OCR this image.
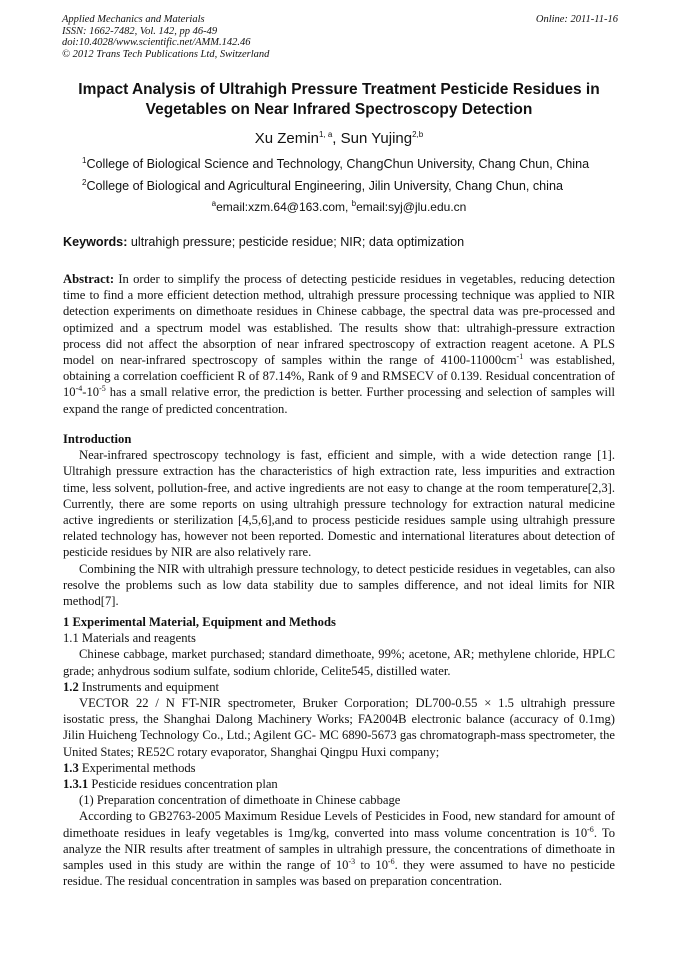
Applied Mechanics and Materials
ISSN: 1662-7482, Vol. 142, pp 46-49
doi:10.4028/www.scientific.net/AMM.142.46
© 2012 Trans Tech Publications Ltd, Switzerland
Online: 2011-11-16
Impact Analysis of Ultrahigh Pressure Treatment Pesticide Residues in Vegetables on Near Infrared Spectroscopy Detection
Xu Zemin$^{1, a}$, Sun Yujing$^{2,b}$
$^1$College of Biological Science and Technology, ChangChun University, Chang Chun, China
$^2$College of Biological and Agricultural Engineering, Jilin University, Chang Chun, china
$^a$email:xzm.64@163.com, $^b$email:syj@jlu.edu.cn
Keywords: ultrahigh pressure; pesticide residue; NIR; data optimization

Abstract: In order to simplify the process of detecting pesticide residues in vegetables, reducing detection time to find a more efficient detection method, ultrahigh pressure processing technique was applied to NIR detection experiments on dimethoate residues in Chinese cabbage, the spectral data was pre-processed and optimized and a spectrum model was established. The results show that: ultrahigh-pressure extraction process did not affect the absorption of near infrared spectroscopy of extraction reagent acetone. A PLS model on near-infrared spectroscopy of samples within the range of $4100-11000cm^{-1}$ was established, obtaining a correlation coefficient R of 87.14%, Rank of 9 and RMSECV of 0.139. Residual concentration of $10^{-4}-10^{-5}$ has a small relative error, the prediction is better. Further processing and selection of samples will expand the range of predicted concentration.

Introduction

Near-infrared spectroscopy technology is fast, efficient and simple, with a wide detection range [1]. Ultrahigh pressure extraction has the characteristics of high extraction rate, less impurities and extraction time, less solvent, pollution-free, and active ingredients are not easy to change at the room temperature[2,3]. Currently, there are some reports on using ultrahigh pressure technology for extraction natural medicine active ingredients or sterilization [4,5,6],and to process pesticide residues sample using ultrahigh pressure related technology has, however not been reported. Domestic and international literatures about detection of pesticide residues by NIR are also relatively rare.

Combining the NIR with ultrahigh pressure technology, to detect pesticide residues in vegetables, can also resolve the problems such as low data stability due to samples difference, and not ideal limits for NIR method[7].

1 Experimental Material, Equipment and Methods

1.1 Materials and reagents

Chinese cabbage, market purchased; standard dimethoate, 99%; acetone, AR; methylene chloride, HPLC grade; anhydrous sodium sulfate, sodium chloride, Celite545, distilled water.

1.2 Instruments and equipment

VECTOR 22 / N FT-NIR spectrometer, Bruker Corporation; DL700-0.55 × 1.5 ultrahigh pressure isostatic press, the Shanghai Dalong Machinery Works; FA2004B electronic balance (accuracy of 0.1mg) Jilin Huicheng Technology Co., Ltd.; Agilent GC- MC 6890-5673 gas chromatograph-mass spectrometer, the United States; RE52C rotary evaporator, Shanghai Qingpu Huxi company;

1.3 Experimental methods

1.3.1 Pesticide residues concentration plan

(1) Preparation concentration of dimethoate in Chinese cabbage

According to GB2763-2005 Maximum Residue Levels of Pesticides in Food, new standard for amount of dimethoate residues in leafy vegetables is 1mg/kg, converted into mass volume concentration is $10^{-6}$. To analyze the NIR results after treatment of samples in ultrahigh pressure, the concentrations of dimethoate in samples used in this study are within the range of $10^{-3}$ to $10^{-6}$. they were assumed to have no pesticide residue. The residual concentration in samples was based on preparation concentration.
